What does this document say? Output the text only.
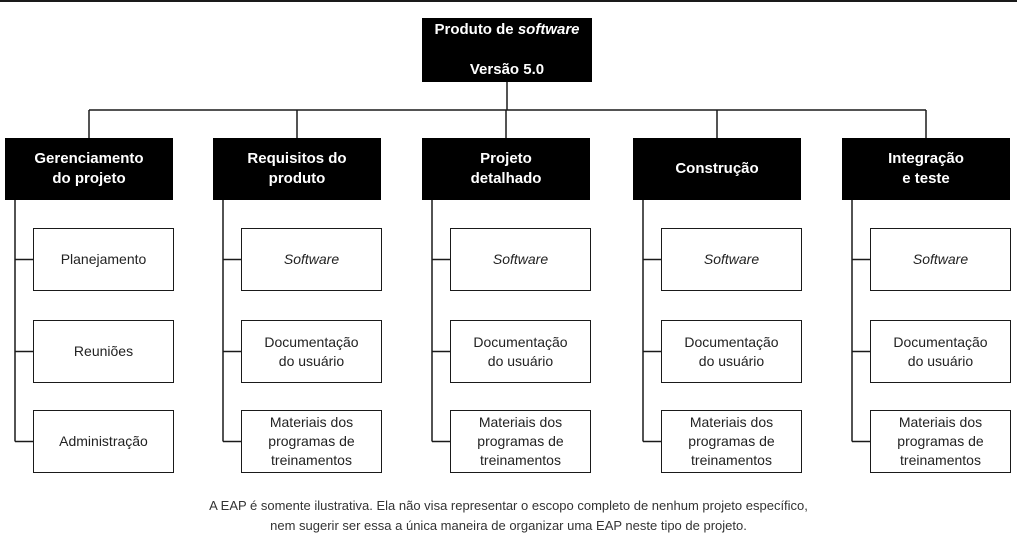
Produto de software

Versão 5.0

Gerenciamento
do projeto
Planejamento
Reuniões
Administração
Requisitos do
produto
Software
Documentação
do usuário
Materiais dos
programas de
treinamentos
Projeto
detalhado
Software
Documentação
do usuário
Materiais dos
programas de
treinamentos
Construção
Software
Documentação
do usuário
Materiais dos
programas de
treinamentos
Integração
e teste
Software
Documentação
do usuário
Materiais dos
programas de
treinamentos
A EAP é somente ilustrativa. Ela não visa representar o escopo completo de nenhum projeto específico,
nem sugerir ser essa a única maneira de organizar uma EAP neste tipo de projeto.
